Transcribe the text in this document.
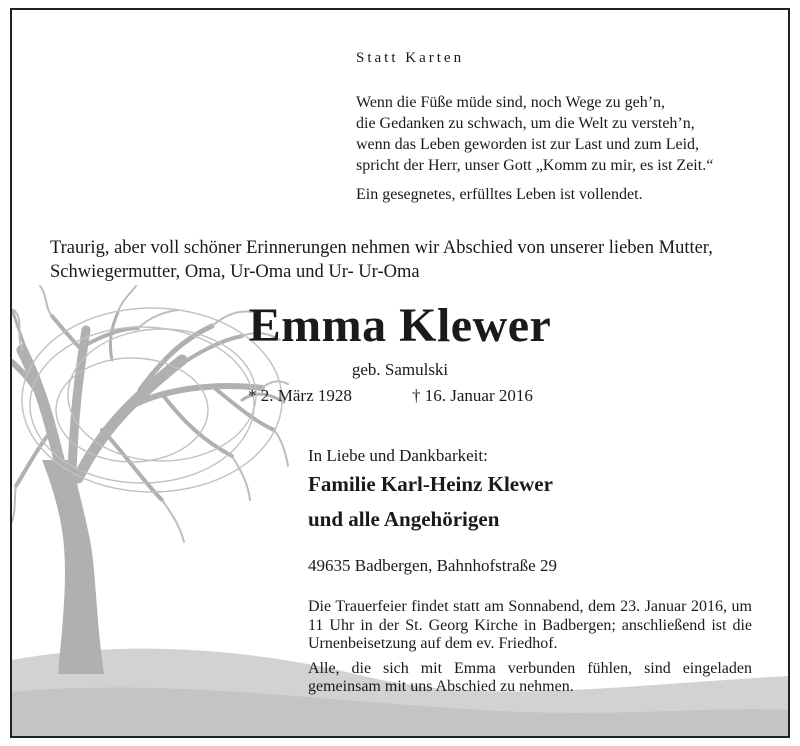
Statt Karten
Wenn die Füße müde sind, noch Wege zu geh’n,
die Gedanken zu schwach, um die Welt zu versteh’n,
wenn das Leben geworden ist zur Last und zum Leid,
spricht der Herr, unser Gott „Komm zu mir, es ist Zeit.“
Ein gesegnetes, erfülltes Leben ist vollendet.
Traurig, aber voll schöner Erinnerungen nehmen wir Abschied von unserer lieben Mutter,
Schwiegermutter, Oma, Ur-Oma und Ur- Ur-Oma
Emma Klewer
geb. Samulski
* 2. März 1928	† 16. Januar 2016
In Liebe und Dankbarkeit:
Familie Karl-Heinz Klewer
und alle Angehörigen
49635 Badbergen, Bahnhofstraße 29

Die Trauerfeier findet statt am Sonnabend, dem 23. Januar 2016, um 11 Uhr in der St. Georg Kirche in Badbergen; anschließend ist die Urnenbeisetzung auf dem ev. Friedhof.

Alle, die sich mit Emma verbunden fühlen, sind eingeladen gemeinsam mit uns Abschied zu nehmen.
